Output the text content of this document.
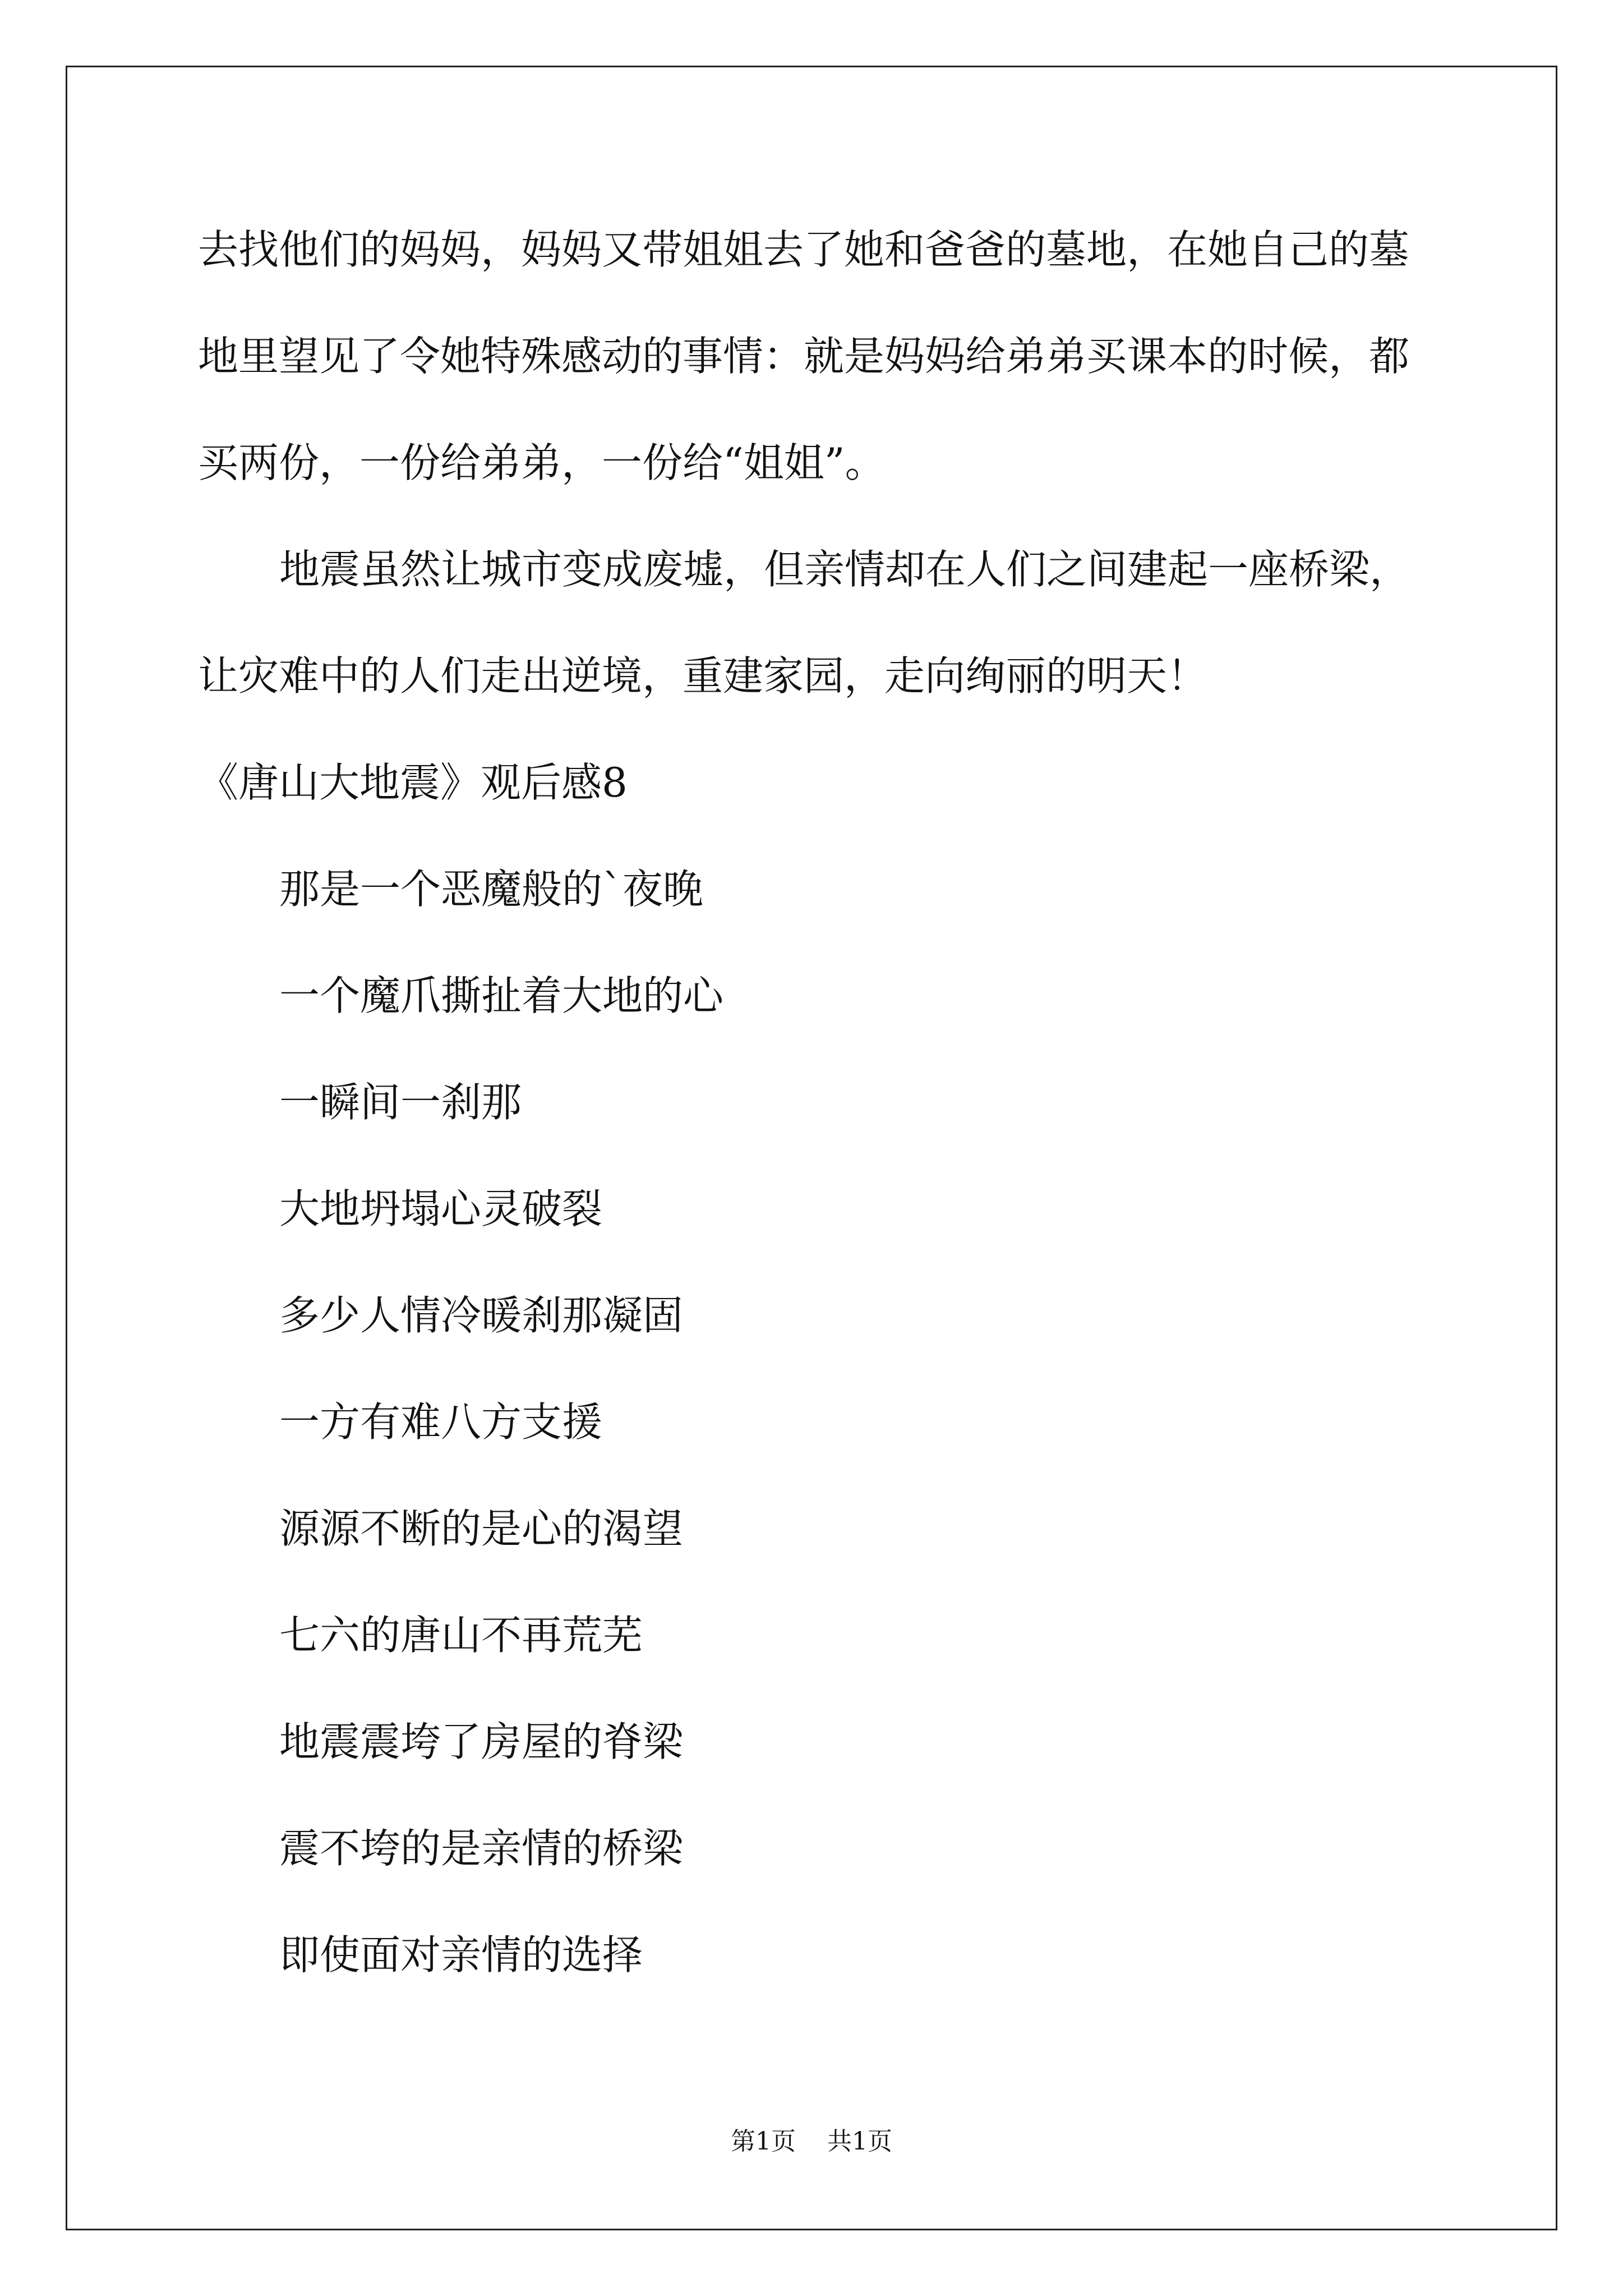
去找他们的妈妈，妈妈又带姐姐去了她和爸爸的墓地，在她自己的墓

地里望见了令她特殊感动的事情：就是妈妈给弟弟买课本的时候，都

买两份，一份给弟弟，一份给“姐姐”。

地震虽然让城市变成废墟，但亲情却在人们之间建起一座桥梁，

让灾难中的人们走出逆境，重建家园，走向绚丽的明天！

《唐山大地震》观后感8

那是一个恶魔般的`夜晚

一个魔爪撕扯着大地的心

一瞬间一刹那

大地坍塌心灵破裂

多少人情冷暖刹那凝固

一方有难八方支援

源源不断的是心的渴望

七六的唐山不再荒芜

地震震垮了房屋的脊梁

震不垮的是亲情的桥梁

即使面对亲情的选择

第1页 共1页
